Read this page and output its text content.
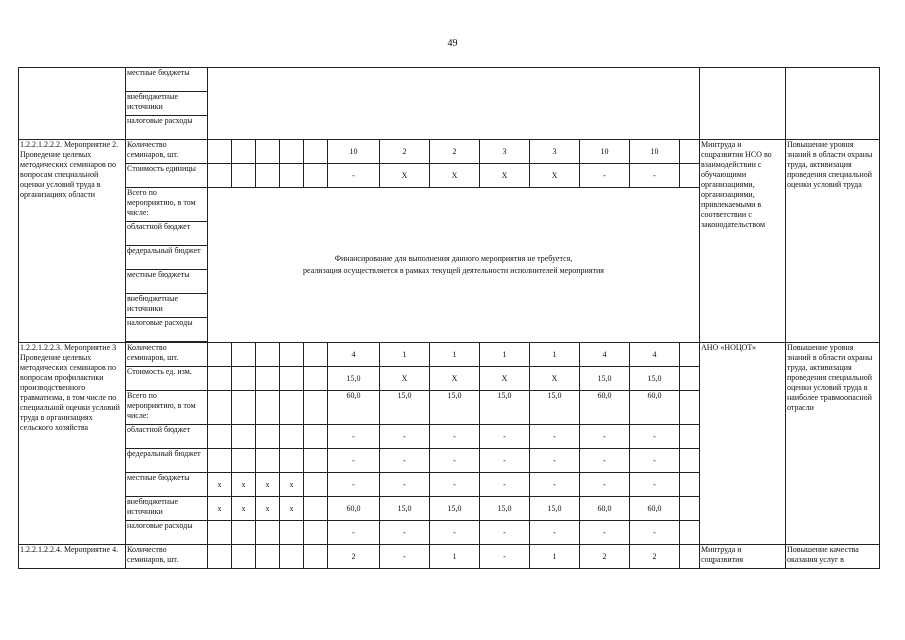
49
	местные бюджеты															
	внебюджетные источники															
	налоговые расходы															
1.2.2.1.2.2.2. Мероприятие 2. Проведение целевых методических семинаров по вопросам специальной оценки условий труда в организациях области	Количество семинаров, шт.						10	2	2	3	3	10	10		Минтруда и соцразвития НСО во взаимодействии с обучающими организациями, организациями, привлекаемыми в соответствии с законодательством	Повышение уровня знаний в области охраны труда, активизация проведения специальной оценки условий труда
	Стоимость единицы						-	Х	Х	Х	Х	-	-			
	Всего по мероприятию, в том числе:	Финансирование для выполнения данного мероприятия не требуется,
реализация осуществляется в рамках текущей деятельности исполнителей мероприятия														

	областной бюджет															
	федеральный бюджет															
	местные бюджеты															
	внебюджетные источники															
	налоговые расходы															

1.2.2.1.2.2.3. Мероприятие 3 Проведение целевых методических семинаров по вопросам профилактики производственного травматизма, в том числе по специальной оценки условий труда в организациях сельского хозяйства	Количество семинаров, шт.						4	1	1	1	1	4	4		АНО «НОЦОТ»	Повышение уровня знаний в области охраны труда, активизация проведения специальной оценки условий труда в наиболее травмоопасной отрасли
	Стоимость ед. изм.						15,0	Х	Х	Х	Х	15,0	15,0			
	Всего по мероприятию, в том числе:						60,0	15,0	15,0	15,0	15,0	60,0	60,0			
	областной бюджет						-	-	-	-	-	-	-			
	федеральный бюджет						-	-	-	-	-	-	-			
	местные бюджеты	х	х	х	х		-	-	-	-	-	-	-			
	внебюджетные источники	х	х	х	х		60,0	15,0	15,0	15,0	15,0	60,0	60,0			
	налоговые расходы						-	-	-	-	-	-	-			
1.2.2.1.2.2.4. Мероприятие 4.	Количество семинаров, шт.						2	-	1	-	1	2	2		Минтруда и соцразвития	Повышение качества оказания услуг в
